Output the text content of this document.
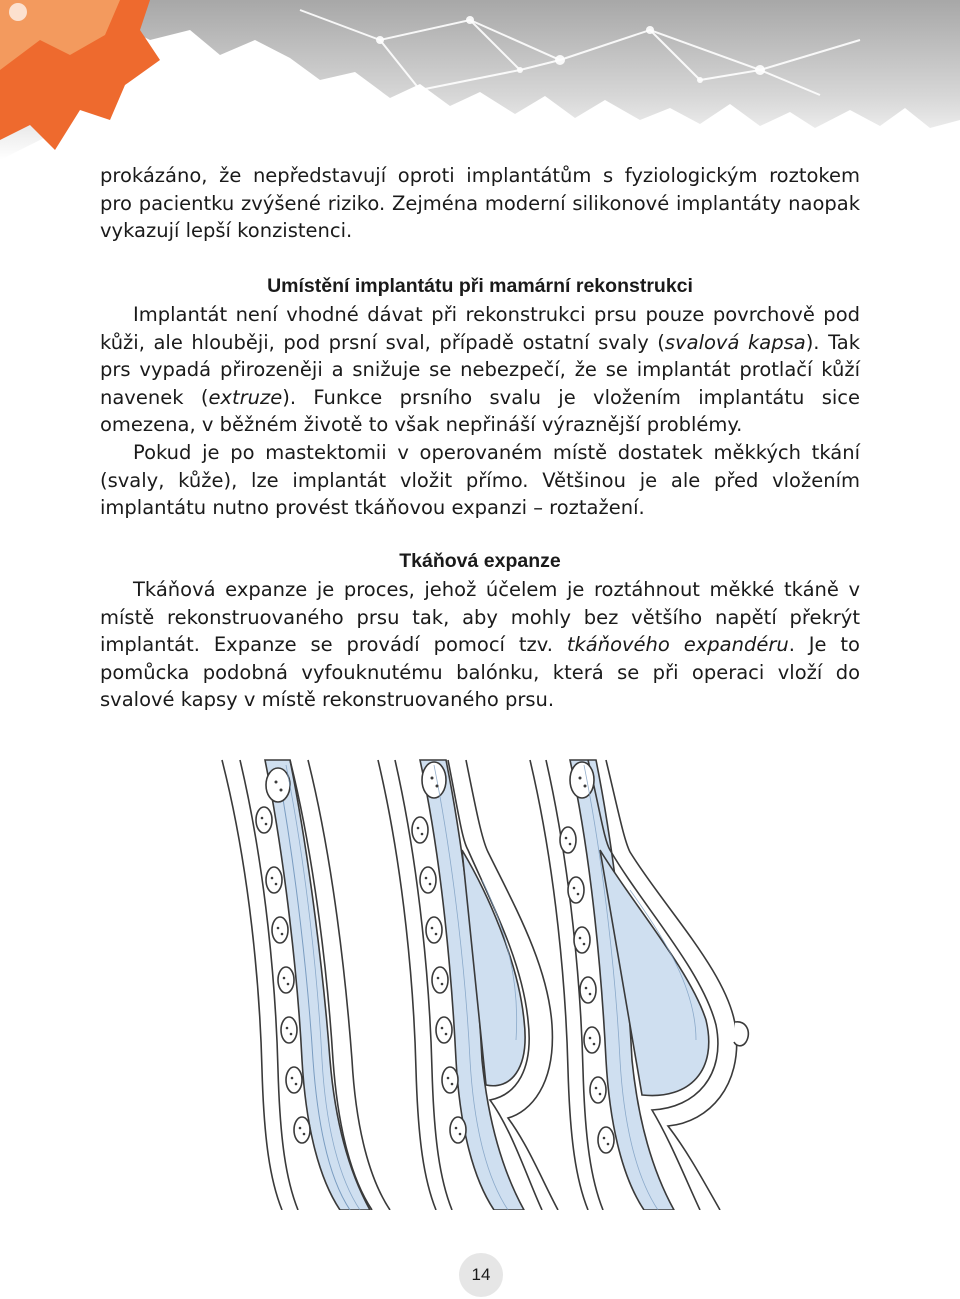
prokázáno, že nepředstavují oproti implantátům s fyziologickým roztokem pro pacientku zvýšené riziko. Zejména moderní silikonové implantáty naopak vykazují lepší konzistenci.

Umístění implantátu při mamární rekonstrukci

Implantát není vhodné dávat při rekonstrukci prsu pouze povrchově pod kůži, ale hlouběji, pod prsní sval, případě ostatní svaly (svalová kapsa). Tak prs vypadá přirozeněji a snižuje se nebezpečí, že se implantát protlačí kůží navenek (extruze). Funkce prsního svalu je vložením implantátu sice omezena, v běžném životě to však nepřináší výraznější problémy.

Pokud je po mastektomii v operovaném místě dostatek měkkých tkání (svaly, kůže), lze implantát vložit přímo. Většinou je ale před vložením implantátu nutno provést tkáňovou expanzi – roztažení.

Tkáňová expanze

Tkáňová expanze je proces, jehož účelem je roztáhnout měkké tkáně v místě rekonstruovaného prsu tak, aby mohly bez většího napětí překrýt implantát. Expanze se provádí pomocí tzv. tkáňového expandéru. Je to pomůcka podobná vyfouknutému balónku, která se při operaci vloží do svalové kapsy v místě rekonstruovaného prsu.

14
